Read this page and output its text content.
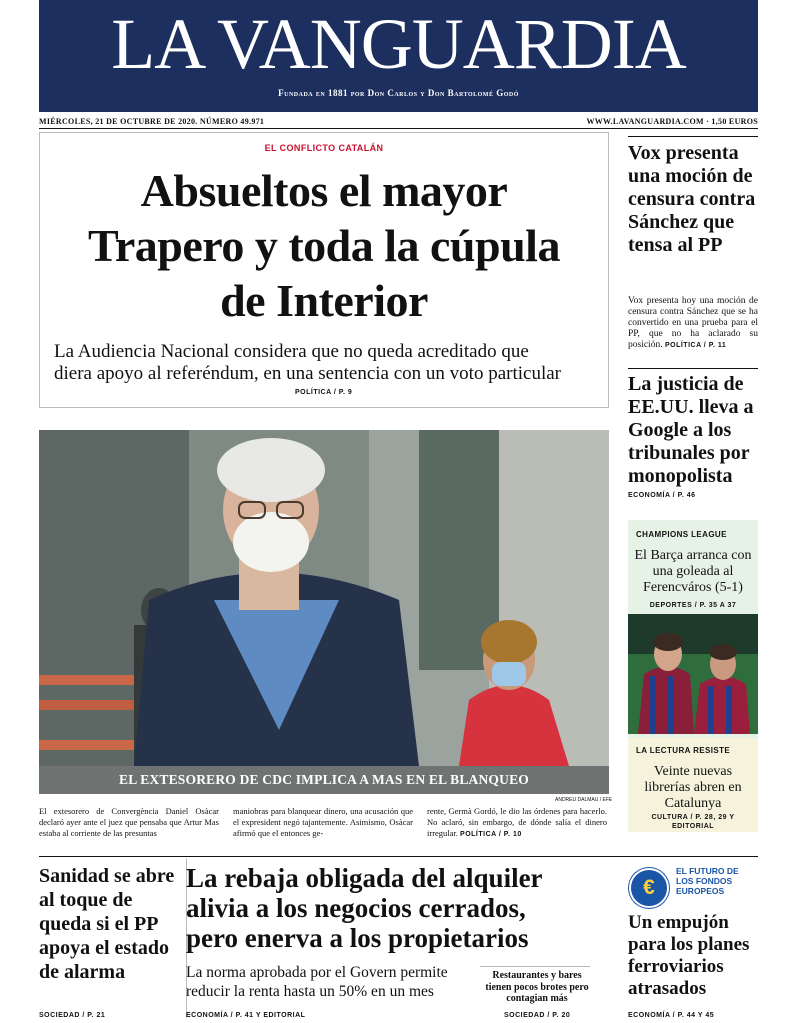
LA VANGUARDIA
Fundada en 1881 por Don Carlos y Don Bartolomé Godó
MIÉRCOLES, 21 DE OCTUBRE DE 2020. NÚMERO 49.971	WWW.LAVANGUARDIA.COM · 1,50 EUROS
EL CONFLICTO CATALÁN
Absueltos el mayor
Trapero y toda la cúpula
de Interior
La Audiencia Nacional considera que no queda acreditado que
diera apoyo al referéndum, en una sentencia con un voto particular
POLÍTICA / P. 9
EL EXTESORERO DE CDC IMPLICA A MAS EN EL BLANQUEO
ANDREU DALMAU / EFE
El extesorero de Convergència Daniel Osàcar declaró ayer ante el juez que pensaba que Artur Mas estaba al corriente de las presuntas
maniobras para blanquear dinero, una acusación que el expresident negó tajantemente. Asimismo, Osàcar afirmó que el entonces ge-
rente, Germà Gordó, le dio las órdenes para hacerlo. No aclaró, sin embargo, de dónde salía el dinero irregular. POLÍTICA / P. 10
Vox presenta una moción de censura contra Sánchez que tensa al PP
Vox presenta hoy una moción de censura contra Sánchez que se ha convertido en una prueba para el PP, que no ha aclarado su posición. POLÍTICA / P. 11
La justicia de EE.UU. lleva a Google a los tribunales por monopolista
ECONOMÍA / P. 46
CHAMPIONS LEAGUE
El Barça arranca con una goleada al Ferencváros (5-1)
DEPORTES / P. 35 A 37
LA LECTURA RESISTE
Veinte nuevas librerías abren en Catalunya
CULTURA / P. 28, 29 Y EDITORIAL
Sanidad se abre al toque de queda si el PP apoya el estado de alarma
SOCIEDAD / P. 21
La rebaja obligada del alquiler
alivia a los negocios cerrados,
pero enerva a los propietarios
La norma aprobada por el Govern permite
reducir la renta hasta un 50% en un mes
ECONOMÍA / P. 41 Y EDITORIAL
Restaurantes y bares tienen pocos brotes pero contagian más
SOCIEDAD / P. 20
€
EL FUTURO DE LOS FONDOS EUROPEOS
Un empujón para los planes ferroviarios atrasados
ECONOMÍA / P. 44 Y 45
